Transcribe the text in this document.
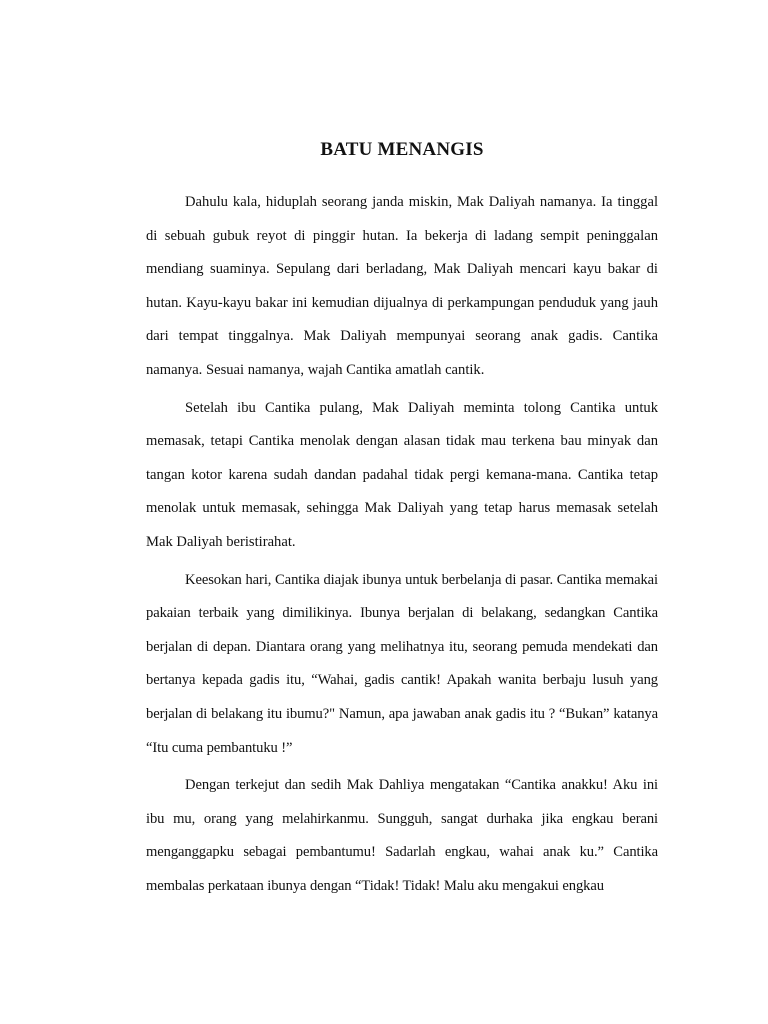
BATU MENANGIS

Dahulu kala, hiduplah seorang janda miskin, Mak Daliyah namanya. Ia tinggal di sebuah gubuk reyot di pinggir hutan. Ia bekerja di ladang sempit peninggalan mendiang suaminya. Sepulang dari berladang, Mak Daliyah mencari kayu bakar di hutan. Kayu-kayu bakar ini kemudian dijualnya di perkampungan penduduk yang jauh dari tempat tinggalnya. Mak Daliyah mempunyai seorang anak gadis. Cantika namanya. Sesuai namanya, wajah Cantika amatlah cantik.

Setelah ibu Cantika pulang, Mak Daliyah meminta tolong Cantika untuk memasak, tetapi Cantika menolak dengan alasan tidak mau terkena bau minyak dan tangan kotor karena sudah dandan padahal tidak pergi kemana-mana. Cantika tetap menolak untuk memasak, sehingga Mak Daliyah yang tetap harus memasak setelah Mak Daliyah beristirahat.

Keesokan hari, Cantika diajak ibunya untuk berbelanja di pasar. Cantika memakai pakaian terbaik yang dimilikinya. Ibunya berjalan di belakang, sedangkan Cantika berjalan di depan. Diantara orang yang melihatnya itu, seorang pemuda mendekati dan bertanya kepada gadis itu, “Wahai, gadis cantik! Apakah wanita berbaju lusuh yang berjalan di belakang itu ibumu?" Namun, apa jawaban anak gadis itu ? “Bukan” katanya “Itu cuma pembantuku !”

Dengan terkejut dan sedih Mak Dahliya mengatakan “Cantika anakku! Aku ini ibu mu, orang yang melahirkanmu. Sungguh, sangat durhaka jika engkau berani menganggapku sebagai pembantumu! Sadarlah engkau, wahai anak ku.” Cantika membalas perkataan ibunya dengan “Tidak! Tidak! Malu aku mengakui engkau
